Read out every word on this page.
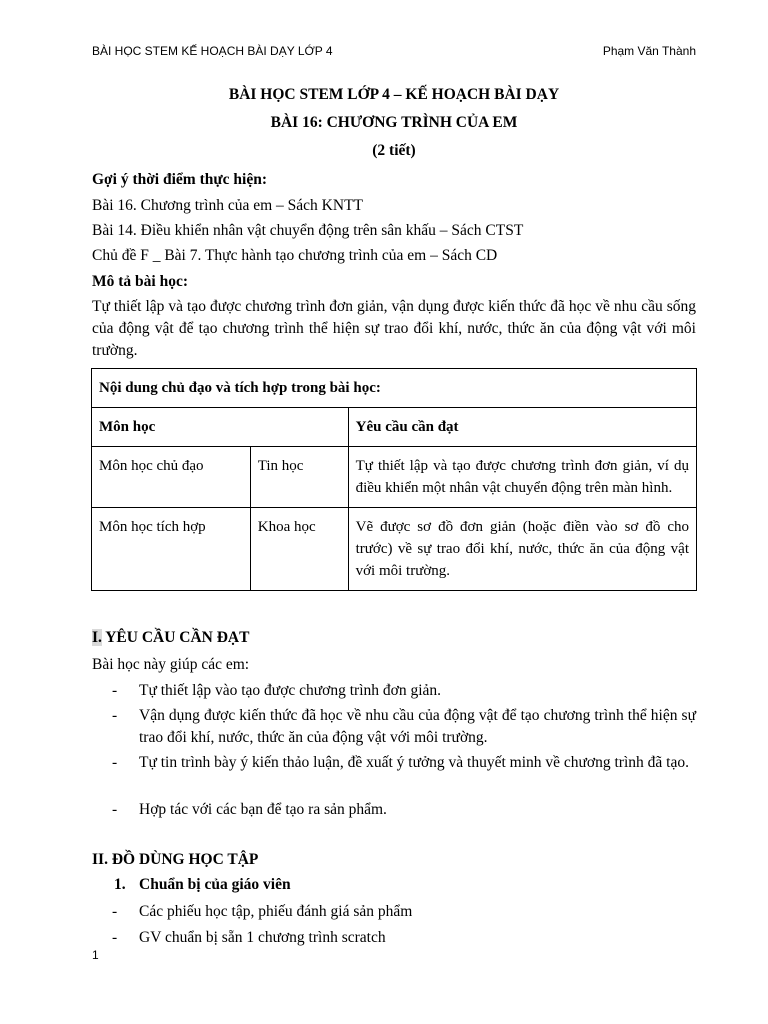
BÀI HỌC STEM KẾ HOẠCH BÀI DẠY LỚP 4	Phạm Văn Thành
BÀI HỌC STEM LỚP 4 – KẾ HOẠCH BÀI DẠY
BÀI 16: CHƯƠNG TRÌNH CỦA EM
(2 tiết)
Gợi ý thời điểm thực hiện:
Bài 16. Chương trình của em – Sách KNTT
Bài 14. Điều khiển nhân vật chuyển động trên sân khấu – Sách CTST
Chủ đề F _ Bài 7. Thực hành tạo chương trình của em – Sách CD
Mô tả bài học:
Tự thiết lập và tạo được chương trình đơn giản, vận dụng được kiến thức đã học về nhu cầu sống của động vật để tạo chương trình thể hiện sự trao đổi khí, nước, thức ăn của động vật với môi trường.
Nội dung chủ đạo và tích hợp trong bài học:		
Môn học		Yêu cầu cần đạt
Môn học chủ đạo	Tin học	Tự thiết lập và tạo được chương trình đơn giản, ví dụ điều khiển một nhân vật chuyển động trên màn hình.
Môn học tích hợp	Khoa học	Vẽ được sơ đồ đơn giản (hoặc điền vào sơ đồ cho trước) về sự trao đổi khí, nước, thức ăn của động vật với môi trường.
I. YÊU CẦU CẦN ĐẠT
Bài học này giúp các em:
- Tự thiết lập vào tạo được chương trình đơn giản.
- Vận dụng được kiến thức đã học về nhu cầu của động vật để tạo chương trình thể hiện sự trao đổi khí, nước, thức ăn của động vật với môi trường.
- Tự tin trình bày ý kiến thảo luận, đề xuất ý tưởng và thuyết minh về chương trình đã tạo.
- Hợp tác với các bạn để tạo ra sản phẩm.
II. ĐỒ DÙNG HỌC TẬP
1. Chuẩn bị của giáo viên
- Các phiếu học tập, phiếu đánh giá sản phẩm
- GV chuẩn bị sẵn 1 chương trình scratch
1
